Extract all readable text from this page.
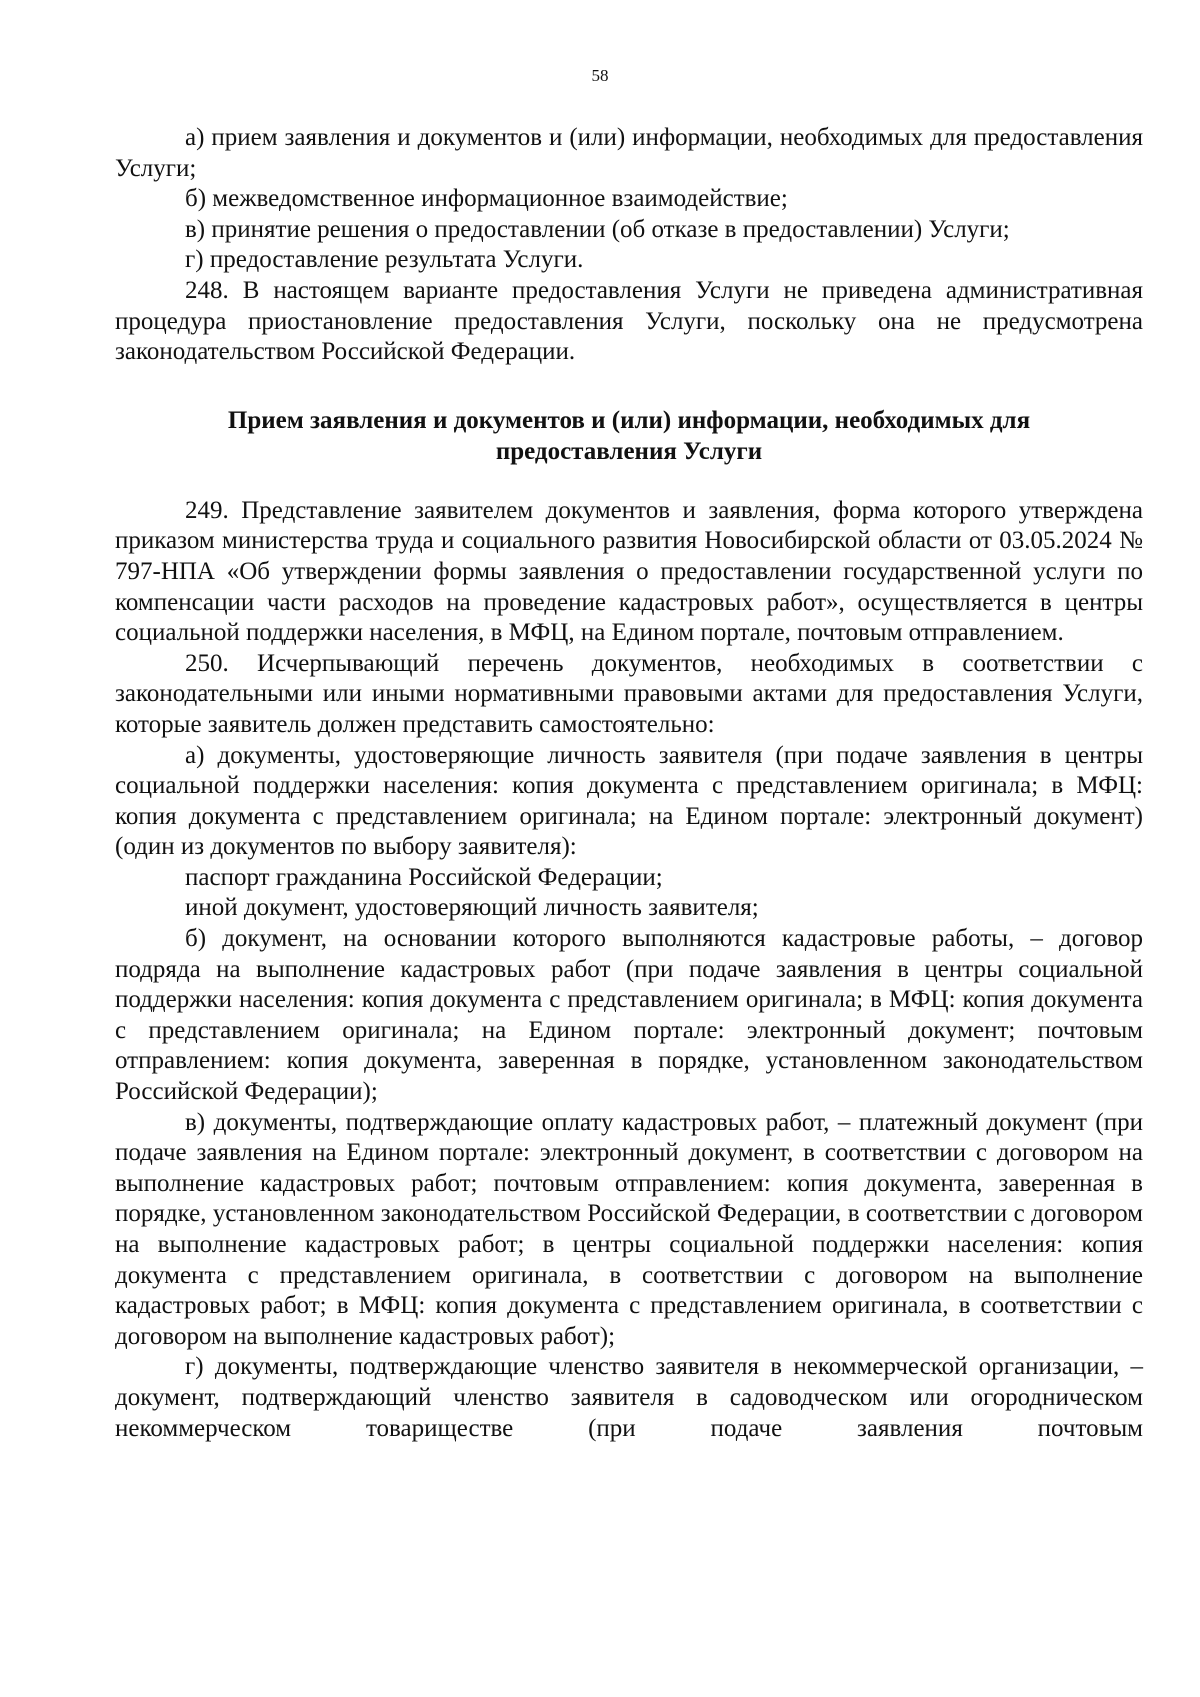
58

а) прием заявления и документов и (или) информации, необходимых для предоставления Услуги;

б) межведомственное информационное взаимодействие;

в) принятие решения о предоставлении (об отказе в предоставлении) Услуги;

г) предоставление результата Услуги.

248. В настоящем варианте предоставления Услуги не приведена административная процедура приостановление предоставления Услуги, поскольку она не предусмотрена законодательством Российской Федерации.

Прием заявления и документов и (или) информации, необходимых для
предоставления Услуги

249. Представление заявителем документов и заявления, форма которого утверждена приказом министерства труда и социального развития Новосибирской области от 03.05.2024 № 797-НПА «Об утверждении формы заявления о предоставлении государственной услуги по компенсации части расходов на проведение кадастровых работ», осуществляется в центры социальной поддержки населения, в МФЦ, на Едином портале, почтовым отправлением.

250. Исчерпывающий перечень документов, необходимых в соответствии с законодательными или иными нормативными правовыми актами для предоставления Услуги, которые заявитель должен представить самостоятельно:

а) документы, удостоверяющие личность заявителя (при подаче заявления в центры социальной поддержки населения: копия документа с представлением оригинала; в МФЦ: копия документа с представлением оригинала; на Едином портале: электронный документ) (один из документов по выбору заявителя):

паспорт гражданина Российской Федерации;

иной документ, удостоверяющий личность заявителя;

б) документ, на основании которого выполняются кадастровые работы, – договор подряда на выполнение кадастровых работ (при подаче заявления в центры социальной поддержки населения: копия документа с представлением оригинала; в МФЦ: копия документа с представлением оригинала; на Едином портале: электронный документ; почтовым отправлением: копия документа, заверенная в порядке, установленном законодательством Российской Федерации);

в) документы, подтверждающие оплату кадастровых работ, – платежный документ (при подаче заявления на Едином портале: электронный документ, в соответствии с договором на выполнение кадастровых работ; почтовым отправлением: копия документа, заверенная в порядке, установленном законодательством Российской Федерации, в соответствии с договором на выполнение кадастровых работ; в центры социальной поддержки населения: копия документа с представлением оригинала, в соответствии с договором на выполнение кадастровых работ; в МФЦ: копия документа с представлением оригинала, в соответствии с договором на выполнение кадастровых работ);

г) документы, подтверждающие членство заявителя в некоммерческой организации, – документ, подтверждающий членство заявителя в садоводческом или огородническом некоммерческом товариществе (при подаче заявления почтовым
